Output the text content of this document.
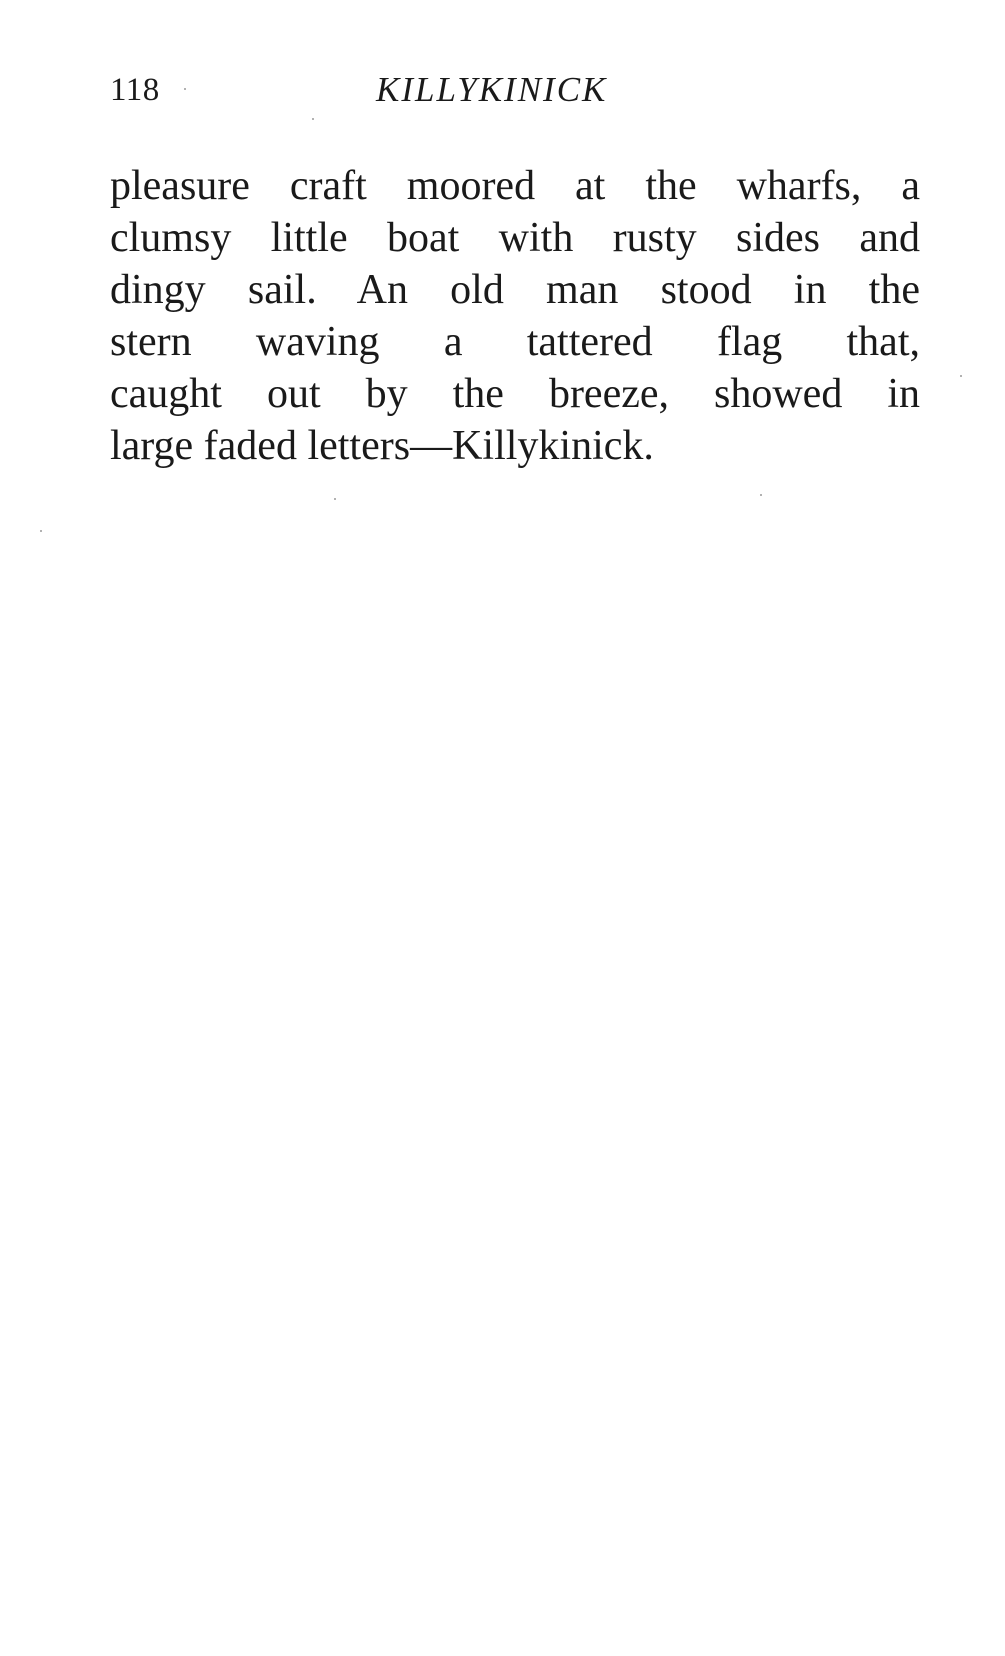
118	KILLYKINICK
pleasure craft moored at the wharfs, a
clumsy little boat with rusty sides and
dingy sail. An old man stood in the
stern waving a tattered flag that,
caught out by the breeze, showed in
large faded letters—Killykinick.
